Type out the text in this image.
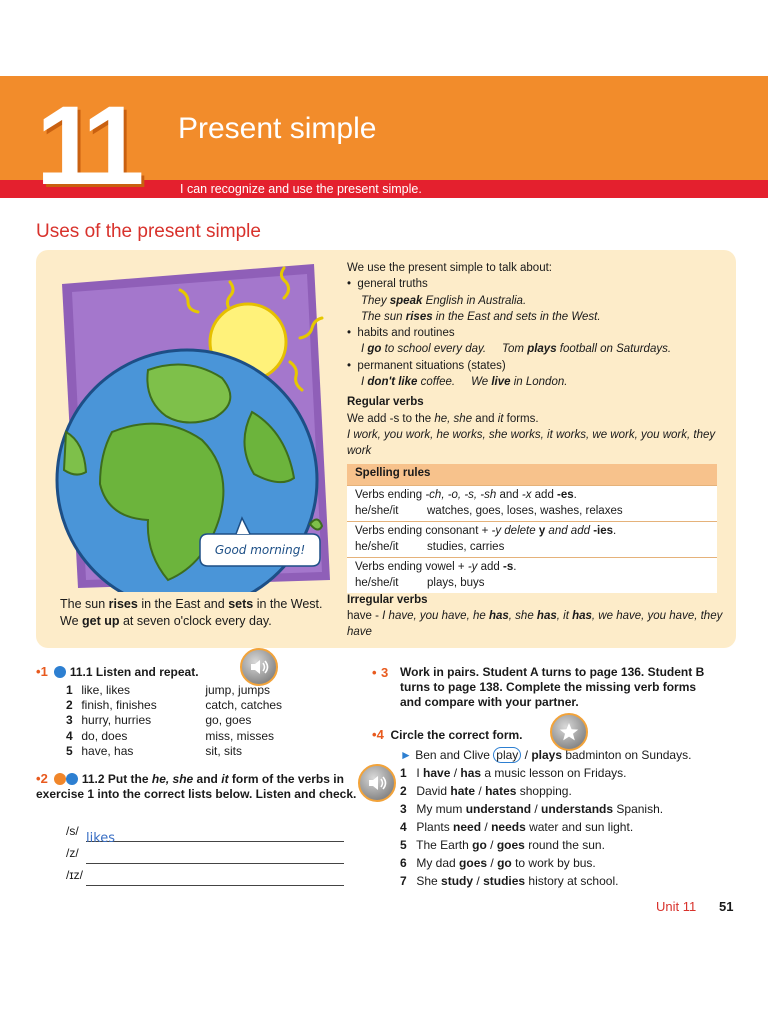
11 Present simple
I can recognize and use the present simple.
Uses of the present simple
Good morning!
The sun rises in the East and sets in the West. We get up at seven o'clock every day.

We use the present simple to talk about:

•  general truths

They speak English in Australia.

The sun rises in the East and sets in the West.

•  habits and routines

I go to school every day.     Tom plays football on Saturdays.

•  permanent situations (states)

I don't like coffee.     We live in London.

Regular verbs

We add -s to the he, she and it forms.

I work, you work, he works, she works, it works, we work, you work, they work

Spelling rules
Verbs ending -ch, -o, -s, -sh and -x add -es.
he/she/it watches, goes, loses, washes, relaxes
Verbs ending consonant + -y delete y and add -ies.
he/she/it studies, carries
Verbs ending vowel + -y add -s.
he/she/it plays, buys
Irregular verbs
have - I have, you have, he has, she has, it has, we have, you have, they have
•1 11.1 Listen and repeat.
1 like, likes	jump, jumps
2 finish, finishes	catch, catches
3 hurry, hurries	go, goes
4 do, does	miss, misses
5 have, has	sit, sits
•2	11.2 Put the he, she and it form of the verbs in exercise 1 into the correct lists below. Listen and check.
/s/ likes
/z/
/ɪz/
• 3 Work in pairs. Student A turns to page 136. Student B turns to page 138. Complete the missing verb forms and compare with your partner.
•4 Circle the correct form.
► Ben and Clive play / plays badminton on Sundays.
1 I have / has a music lesson on Fridays.
2 David hate / hates shopping.
3 My mum understand / understands Spanish.
4 Plants need / needs water and sun light.
5 The Earth go / goes round the sun.
6 My dad goes / go to work by bus.
7 She study / studies history at school.
Unit 11 51
